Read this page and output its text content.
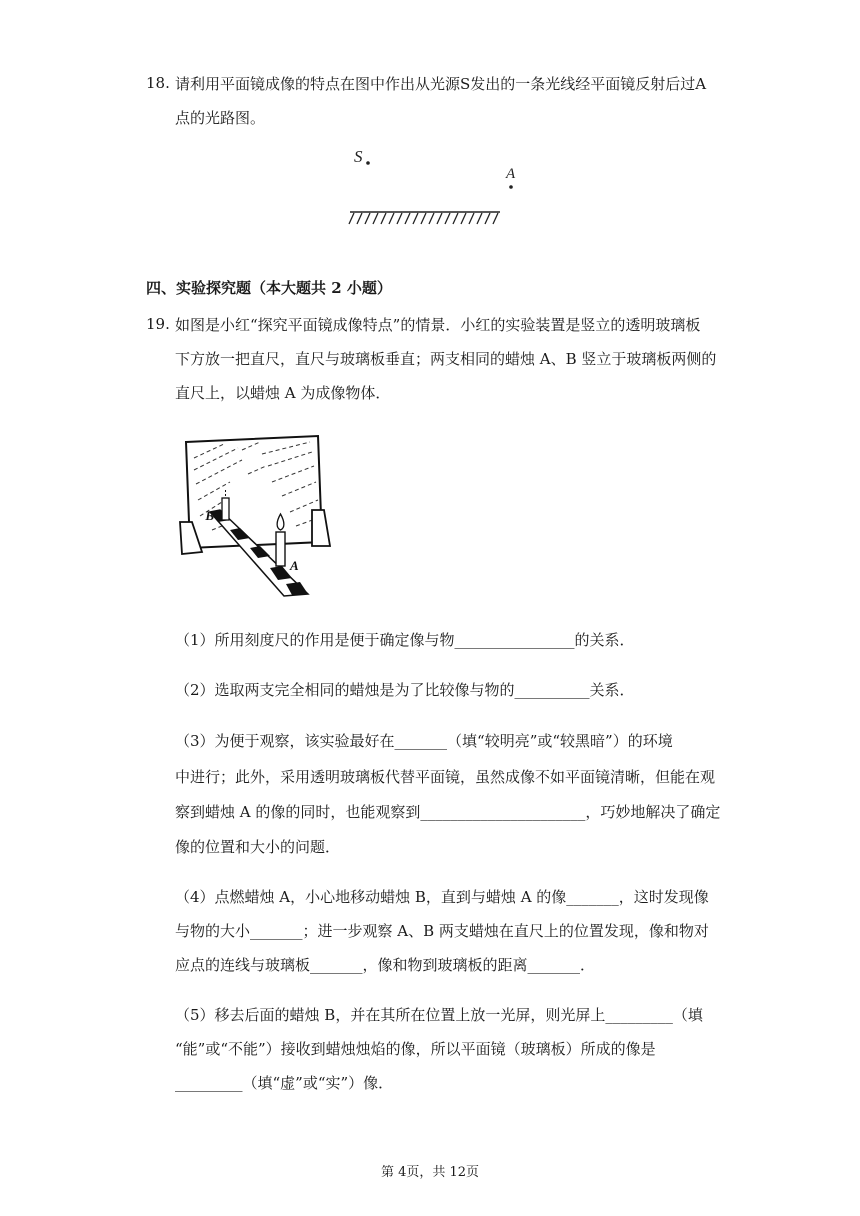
18. 请利用平面镜成像的特点在图中作出从光源S发出的一条光线经平面镜反射后过A
点的光路图。
S
A
四、实验探究题（本大题共 2 小题）
19. 如图是小红“探究平面镜成像特点”的情景．小红的实验装置是竖立的透明玻璃板
下方放一把直尺，直尺与玻璃板垂直；两支相同的蜡烛 A、B 竖立于玻璃板两侧的
直尺上，以蜡烛 A 为成像物体．
B
A
（1）所用刻度尺的作用是便于确定像与物________________的关系．
（2）选取两支完全相同的蜡烛是为了比较像与物的__________关系．
（3）为便于观察，该实验最好在_______（填“较明亮”或“较黑暗”）的环境
中进行；此外，采用透明玻璃板代替平面镜，虽然成像不如平面镜清晰，但能在观
察到蜡烛 A 的像的同时，也能观察到______________________，巧妙地解决了确定
像的位置和大小的问题．
（4）点燃蜡烛 A，小心地移动蜡烛 B，直到与蜡烛 A 的像_______，这时发现像
与物的大小_______；进一步观察 A、B 两支蜡烛在直尺上的位置发现，像和物对
应点的连线与玻璃板_______，像和物到玻璃板的距离_______．
（5）移去后面的蜡烛 B，并在其所在位置上放一光屏，则光屏上_________（填
“能”或“不能”）接收到蜡烛烛焰的像，所以平面镜（玻璃板）所成的像是
_________（填“虚”或“实”）像．
第 4页，共 12页
